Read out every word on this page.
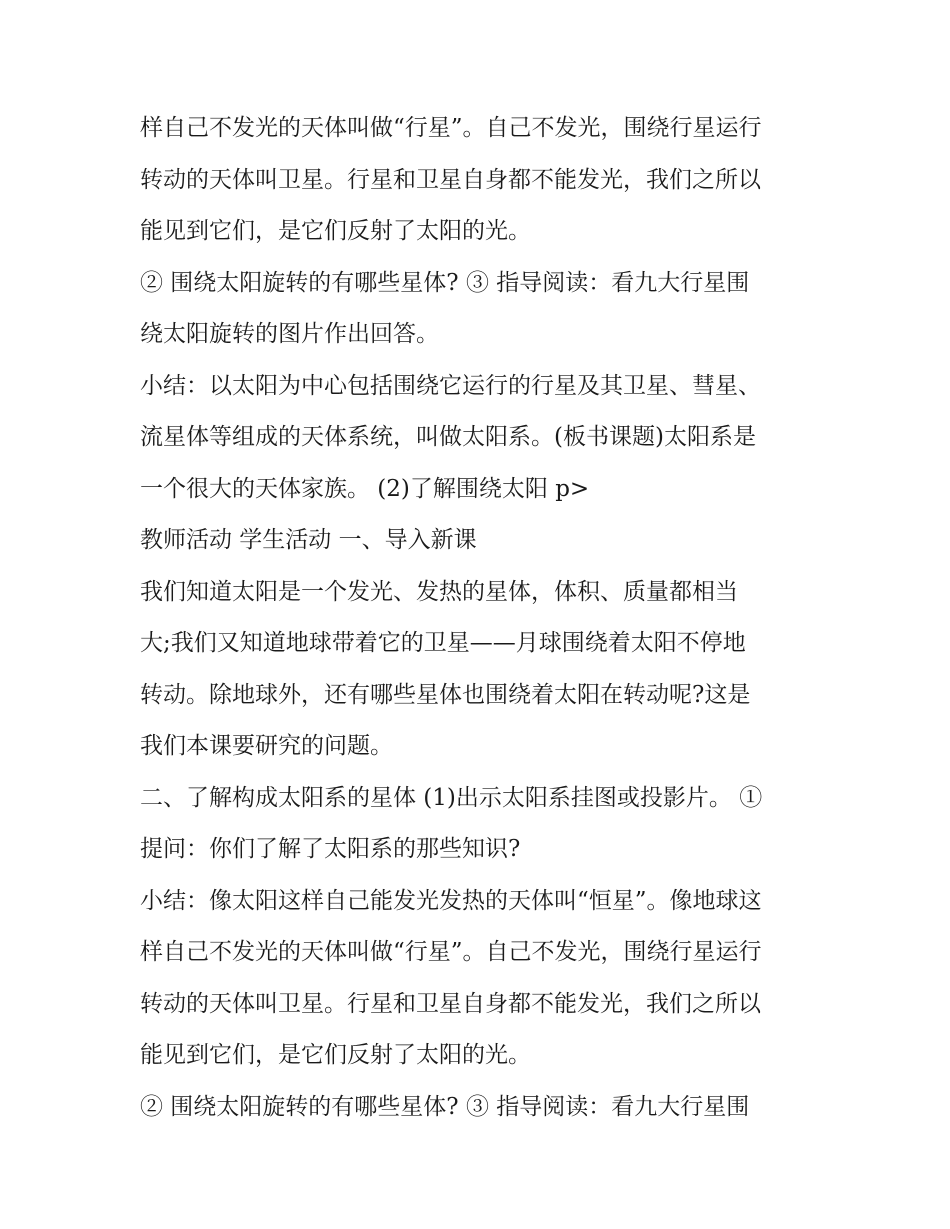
样自己不发光的天体叫做“行星”。自己不发光，围绕行星运行
转动的天体叫卫星。行星和卫星自身都不能发光，我们之所以
能见到它们，是它们反射了太阳的光。
② 围绕太阳旋转的有哪些星体? ③ 指导阅读：看九大行星围
绕太阳旋转的图片作出回答。
小结：以太阳为中心包括围绕它运行的行星及其卫星、彗星、
流星体等组成的天体系统，叫做太阳系。(板书课题)太阳系是
一个很大的天体家族。 (2)了解围绕太阳 p>
教师活动 学生活动 一、导入新课
我们知道太阳是一个发光、发热的星体，体积、质量都相当
大;我们又知道地球带着它的卫星——月球围绕着太阳不停地
转动。除地球外，还有哪些星体也围绕着太阳在转动呢?这是
我们本课要研究的问题。
二、了解构成太阳系的星体 (1)出示太阳系挂图或投影片。 ①
提问：你们了解了太阳系的那些知识?
小结：像太阳这样自己能发光发热的天体叫“恒星”。像地球这
样自己不发光的天体叫做“行星”。自己不发光，围绕行星运行
转动的天体叫卫星。行星和卫星自身都不能发光，我们之所以
能见到它们，是它们反射了太阳的光。
② 围绕太阳旋转的有哪些星体? ③ 指导阅读：看九大行星围
